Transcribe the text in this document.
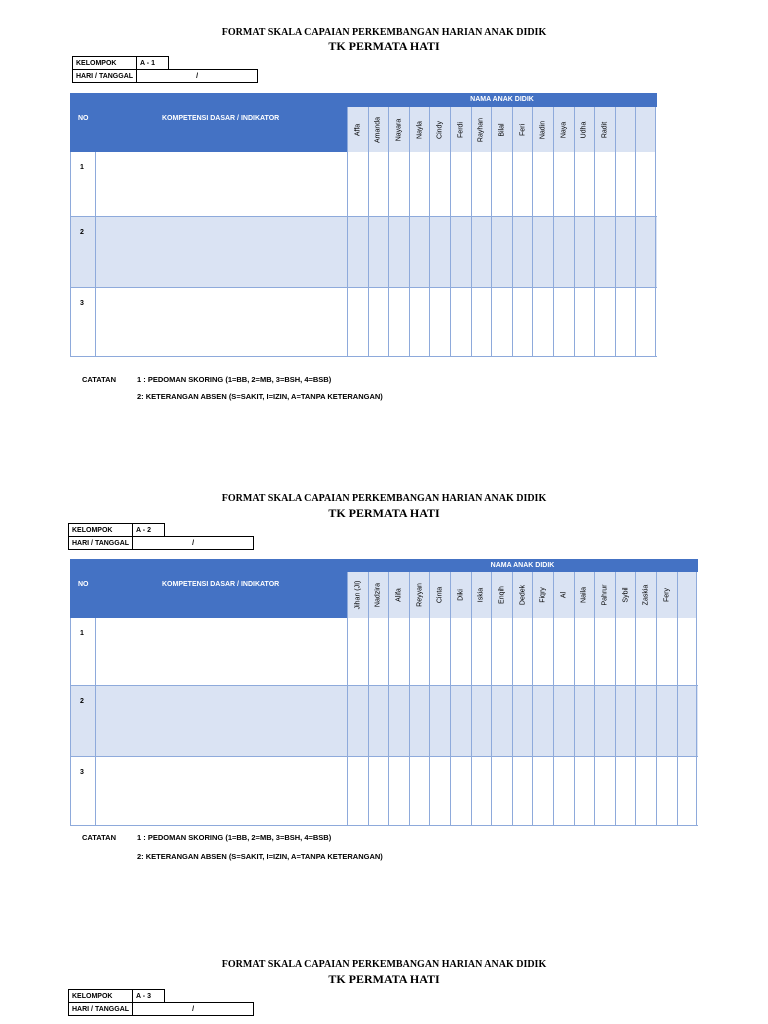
FORMAT SKALA CAPAIAN PERKEMBANGAN HARIAN ANAK DIDIK
TK PERMATA HATI
KELOMPOK	A - 1	
HARI / TANGGAL	/	
NO	KOMPETENSI DASAR / INDIKATOR
NAMA ANAK DIDIK
Affa Amanda Nayara Nayla Cindy Ferdi Rayhan Bilal Feri Nadin Naya Udha Radit
1
2
3
CATATAN	1 : PEDOMAN SKORING (1=BB, 2=MB, 3=BSH, 4=BSB)
2: KETERANGAN ABSEN (S=SAKIT, I=IZIN, A=TANPA KETERANGAN)
FORMAT SKALA CAPAIAN PERKEMBANGAN HARIAN ANAK DIDIK
TK PERMATA HATI
KELOMPOK	A - 2	
HARI / TANGGAL	/	
NO	KOMPETENSI DASAR / INDIKATOR
NAMA ANAK DIDIK
Jihan (JI) Nadzira Alifa Reyyan Cinta Diki Iskia Enqih Dedek Fiqry Al Naila Pahrur Sybil Zaskia Fery
1
2
3
CATATAN	1 : PEDOMAN SKORING (1=BB, 2=MB, 3=BSH, 4=BSB)
2: KETERANGAN ABSEN (S=SAKIT, I=IZIN, A=TANPA KETERANGAN)
FORMAT SKALA CAPAIAN PERKEMBANGAN HARIAN ANAK DIDIK
TK PERMATA HATI
KELOMPOK	A - 3	
HARI / TANGGAL	/	
